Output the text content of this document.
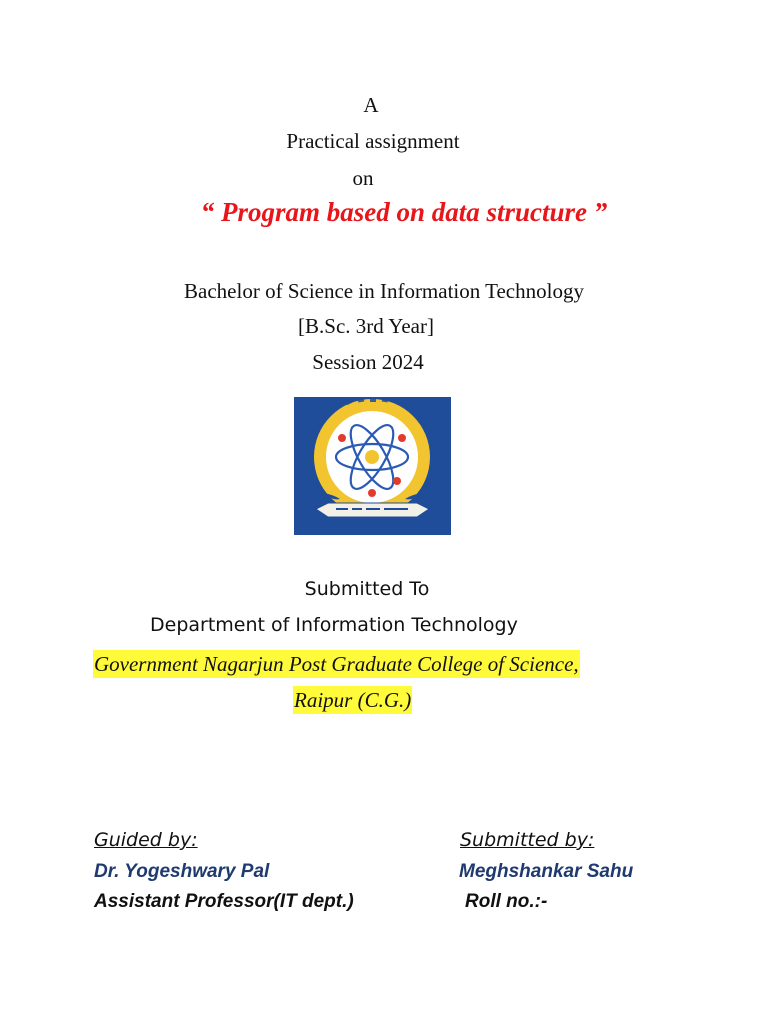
A
Practical assignment
on
“ Program based on data structure ”
Bachelor of Science in Information Technology
[B.Sc. 3rd Year]
Session 2024
Submitted To
Department of Information Technology
Government Nagarjun Post Graduate College of Science,
Raipur (C.G.)
Guided by:	Submitted by:
Dr. Yogeshwary Pal	Meghshankar Sahu
Assistant Professor(IT dept.)	Roll no.:-
